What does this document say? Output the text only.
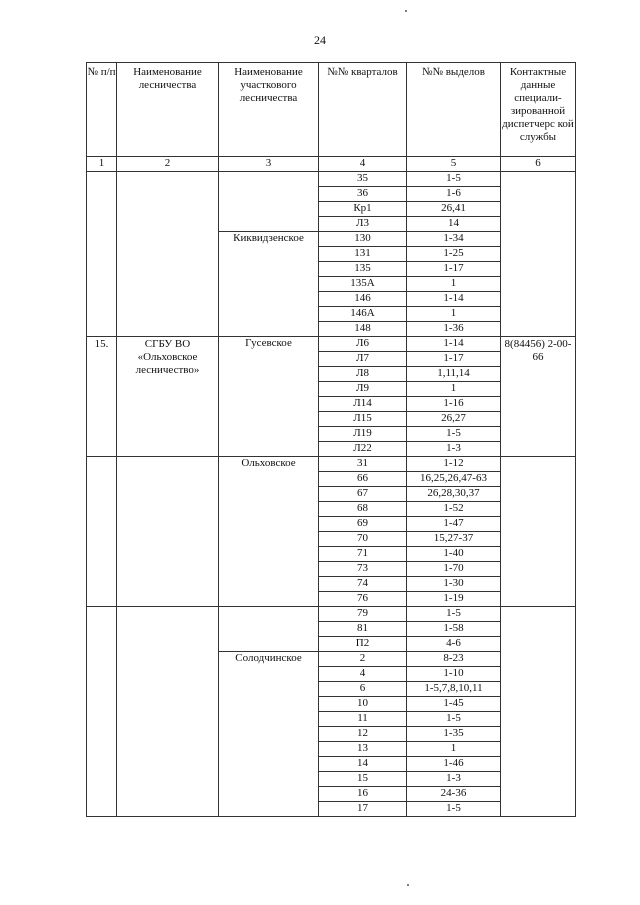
24
№ п/п	Наименование лесничества	Наименование участкового лесничества	№№ кварталов	№№ выделов	Контактные данные специали- зированной диспетчерс кой службы
1	2	3	4	5	6
			35	1-5	
			36	1-6	
			Кр1	26,41	
			Л3	14	
		Киквидзенское	130	1-34	
			131	1-25	
			135	1-17	
			135А	1	
			146	1-14	
			146А	1	
			148	1-36	
15.	СГБУ ВО «Ольховское лесничество»	Гусевское	Л6	1-14	8(84456) 2-00-66
			Л7	1-17	
			Л8	1,11,14	
			Л9	1	
			Л14	1-16	
			Л15	26,27	
			Л19	1-5	
			Л22	1-3	
		Ольховское	31	1-12	
			66	16,25,26,47-63	
			67	26,28,30,37	
			68	1-52	
			69	1-47	
			70	15,27-37	
			71	1-40	
			73	1-70	
			74	1-30	
			76	1-19	
			79	1-5	
			81	1-58	
			П2	4-6	
		Солодчинское	2	8-23	
			4	1-10	
			6	1-5,7,8,10,11	
			10	1-45	
			11	1-5	
			12	1-35	
			13	1	
			14	1-46	
			15	1-3	
			16	24-36	
			17	1-5	
